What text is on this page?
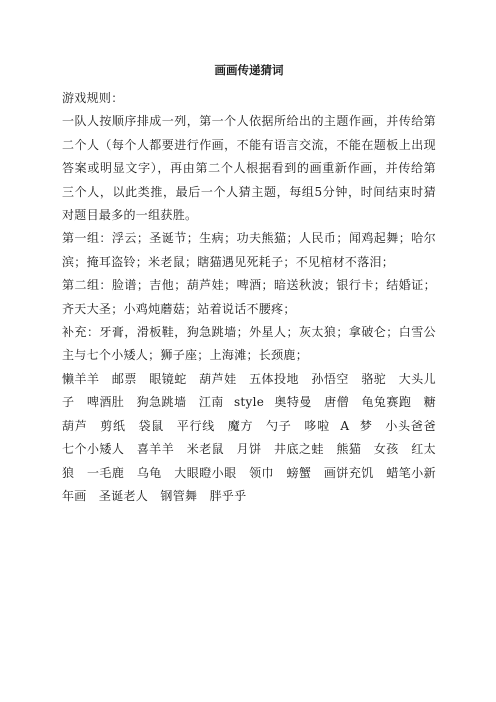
画画传递猜词

游戏规则：

一队人按顺序排成一列，第一个人依据所给出的主题作画，并传给第二个人（每个人都要进行作画，不能有语言交流，不能在题板上出现答案或明显文字），再由第二个人根据看到的画重新作画，并传给第三个人，以此类推，最后一个人猜主题，每组5分钟，时间结束时猜对题目最多的一组获胜。

第一组：浮云；圣诞节；生病；功夫熊猫；人民币；闻鸡起舞；哈尔滨；掩耳盗铃；米老鼠；瞎猫遇见死耗子；不见棺材不落泪；

第二组：脸谱；吉他；葫芦娃；啤酒；暗送秋波；银行卡；结婚证；齐天大圣；小鸡炖蘑菇；站着说话不腰疼；

补充：牙膏，滑板鞋，狗急跳墙；外星人；灰太狼；拿破仑；白雪公主与七个小矮人；狮子座；上海滩；长颈鹿；

懒羊羊　邮票　眼镜蛇　葫芦娃　五体投地　孙悟空　骆驼　大头儿子　啤酒肚　狗急跳墙　江南 style 奥特曼　唐僧　龟兔赛跑　糖葫芦　剪纸　袋鼠　平行线　魔方　勺子　哆啦 A 梦　小头爸爸　七个小矮人　喜羊羊　米老鼠　月饼　井底之蛙　熊猫　女孩　红太狼　一毛鹿　乌龟　大眼瞪小眼　领巾　螃蟹　画饼充饥　蜡笔小新　年画　圣诞老人　钢管舞　胖乎乎
